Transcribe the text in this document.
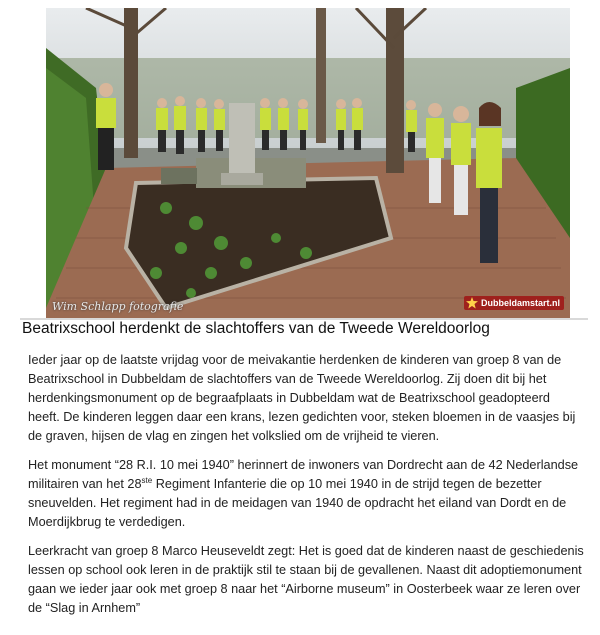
Wim Schlapp fotografie	Dubbeldamstart.nl
Beatrixschool herdenkt de slachtoffers van de Tweede Wereldoorlog

Ieder jaar op de laatste vrijdag voor de meivakantie herdenken de kinderen van groep 8 van de Beatrixschool in Dubbeldam de slachtoffers van de Tweede Wereldoorlog. Zij doen dit bij het herdenkingsmonument op de begraafplaats in Dubbeldam wat de Beatrixschool geadopteerd heeft. De kinderen leggen daar een krans, lezen gedichten voor, steken bloemen in de vaasjes bij de graven, hijsen de vlag en zingen het volkslied om de vrijheid te vieren.

Het monument “28 R.I. 10 mei 1940” herinnert de inwoners van Dordrecht aan de 42 Nederlandse militairen van het 28ste Regiment Infanterie die op 10 mei 1940 in de strijd tegen de bezetter sneuvelden. Het regiment had in de meidagen van 1940 de opdracht het eiland van Dordt en de Moerdijkbrug te verdedigen.

Leerkracht van groep 8 Marco Heuseveldt zegt: Het is goed dat de kinderen naast de geschiedenis lessen op school ook leren in de praktijk stil te staan bij de gevallenen. Naast dit adoptiemonument gaan we ieder jaar ook met groep 8 naar het “Airborne museum” in Oosterbeek waar ze leren over de “Slag in Arnhem”
